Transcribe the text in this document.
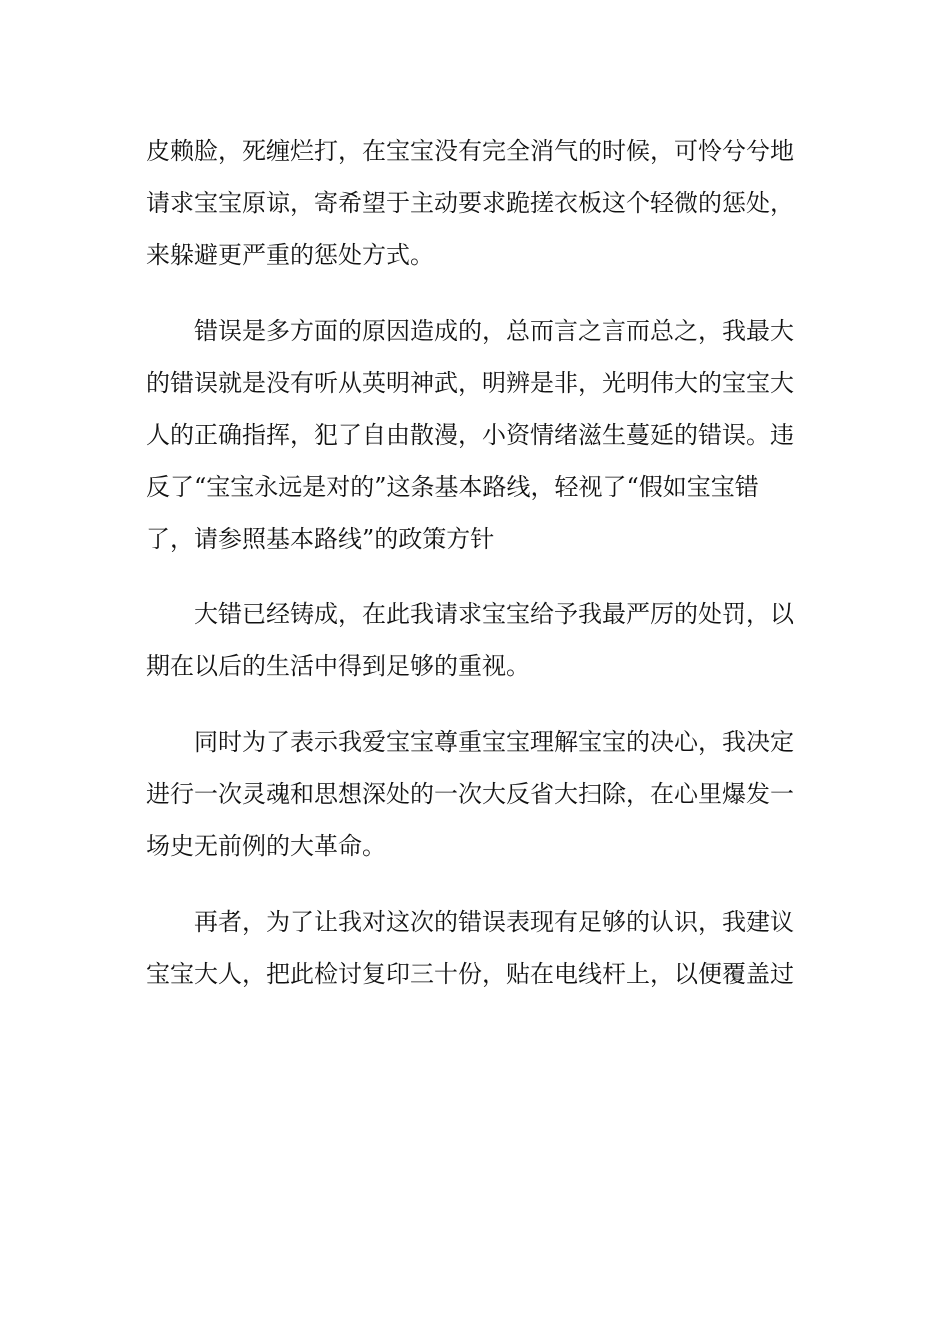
皮赖脸，死缠烂打，在宝宝没有完全消气的时候，可怜兮兮地
请求宝宝原谅，寄希望于主动要求跪搓衣板这个轻微的惩处，
来躲避更严重的惩处方式。
错误是多方面的原因造成的，总而言之言而总之，我最大
的错误就是没有听从英明神武，明辨是非，光明伟大的宝宝大
人的正确指挥，犯了自由散漫，小资情绪滋生蔓延的错误。违
反了“宝宝永远是对的”这条基本路线，轻视了“假如宝宝错
了，请参照基本路线”的政策方针
大错已经铸成，在此我请求宝宝给予我最严厉的处罚，以
期在以后的生活中得到足够的重视。
同时为了表示我爱宝宝尊重宝宝理解宝宝的决心，我决定
进行一次灵魂和思想深处的一次大反省大扫除，在心里爆发一
场史无前例的大革命。
再者，为了让我对这次的错误表现有足够的认识，我建议
宝宝大人，把此检讨复印三十份，贴在电线杆上，以便覆盖过
